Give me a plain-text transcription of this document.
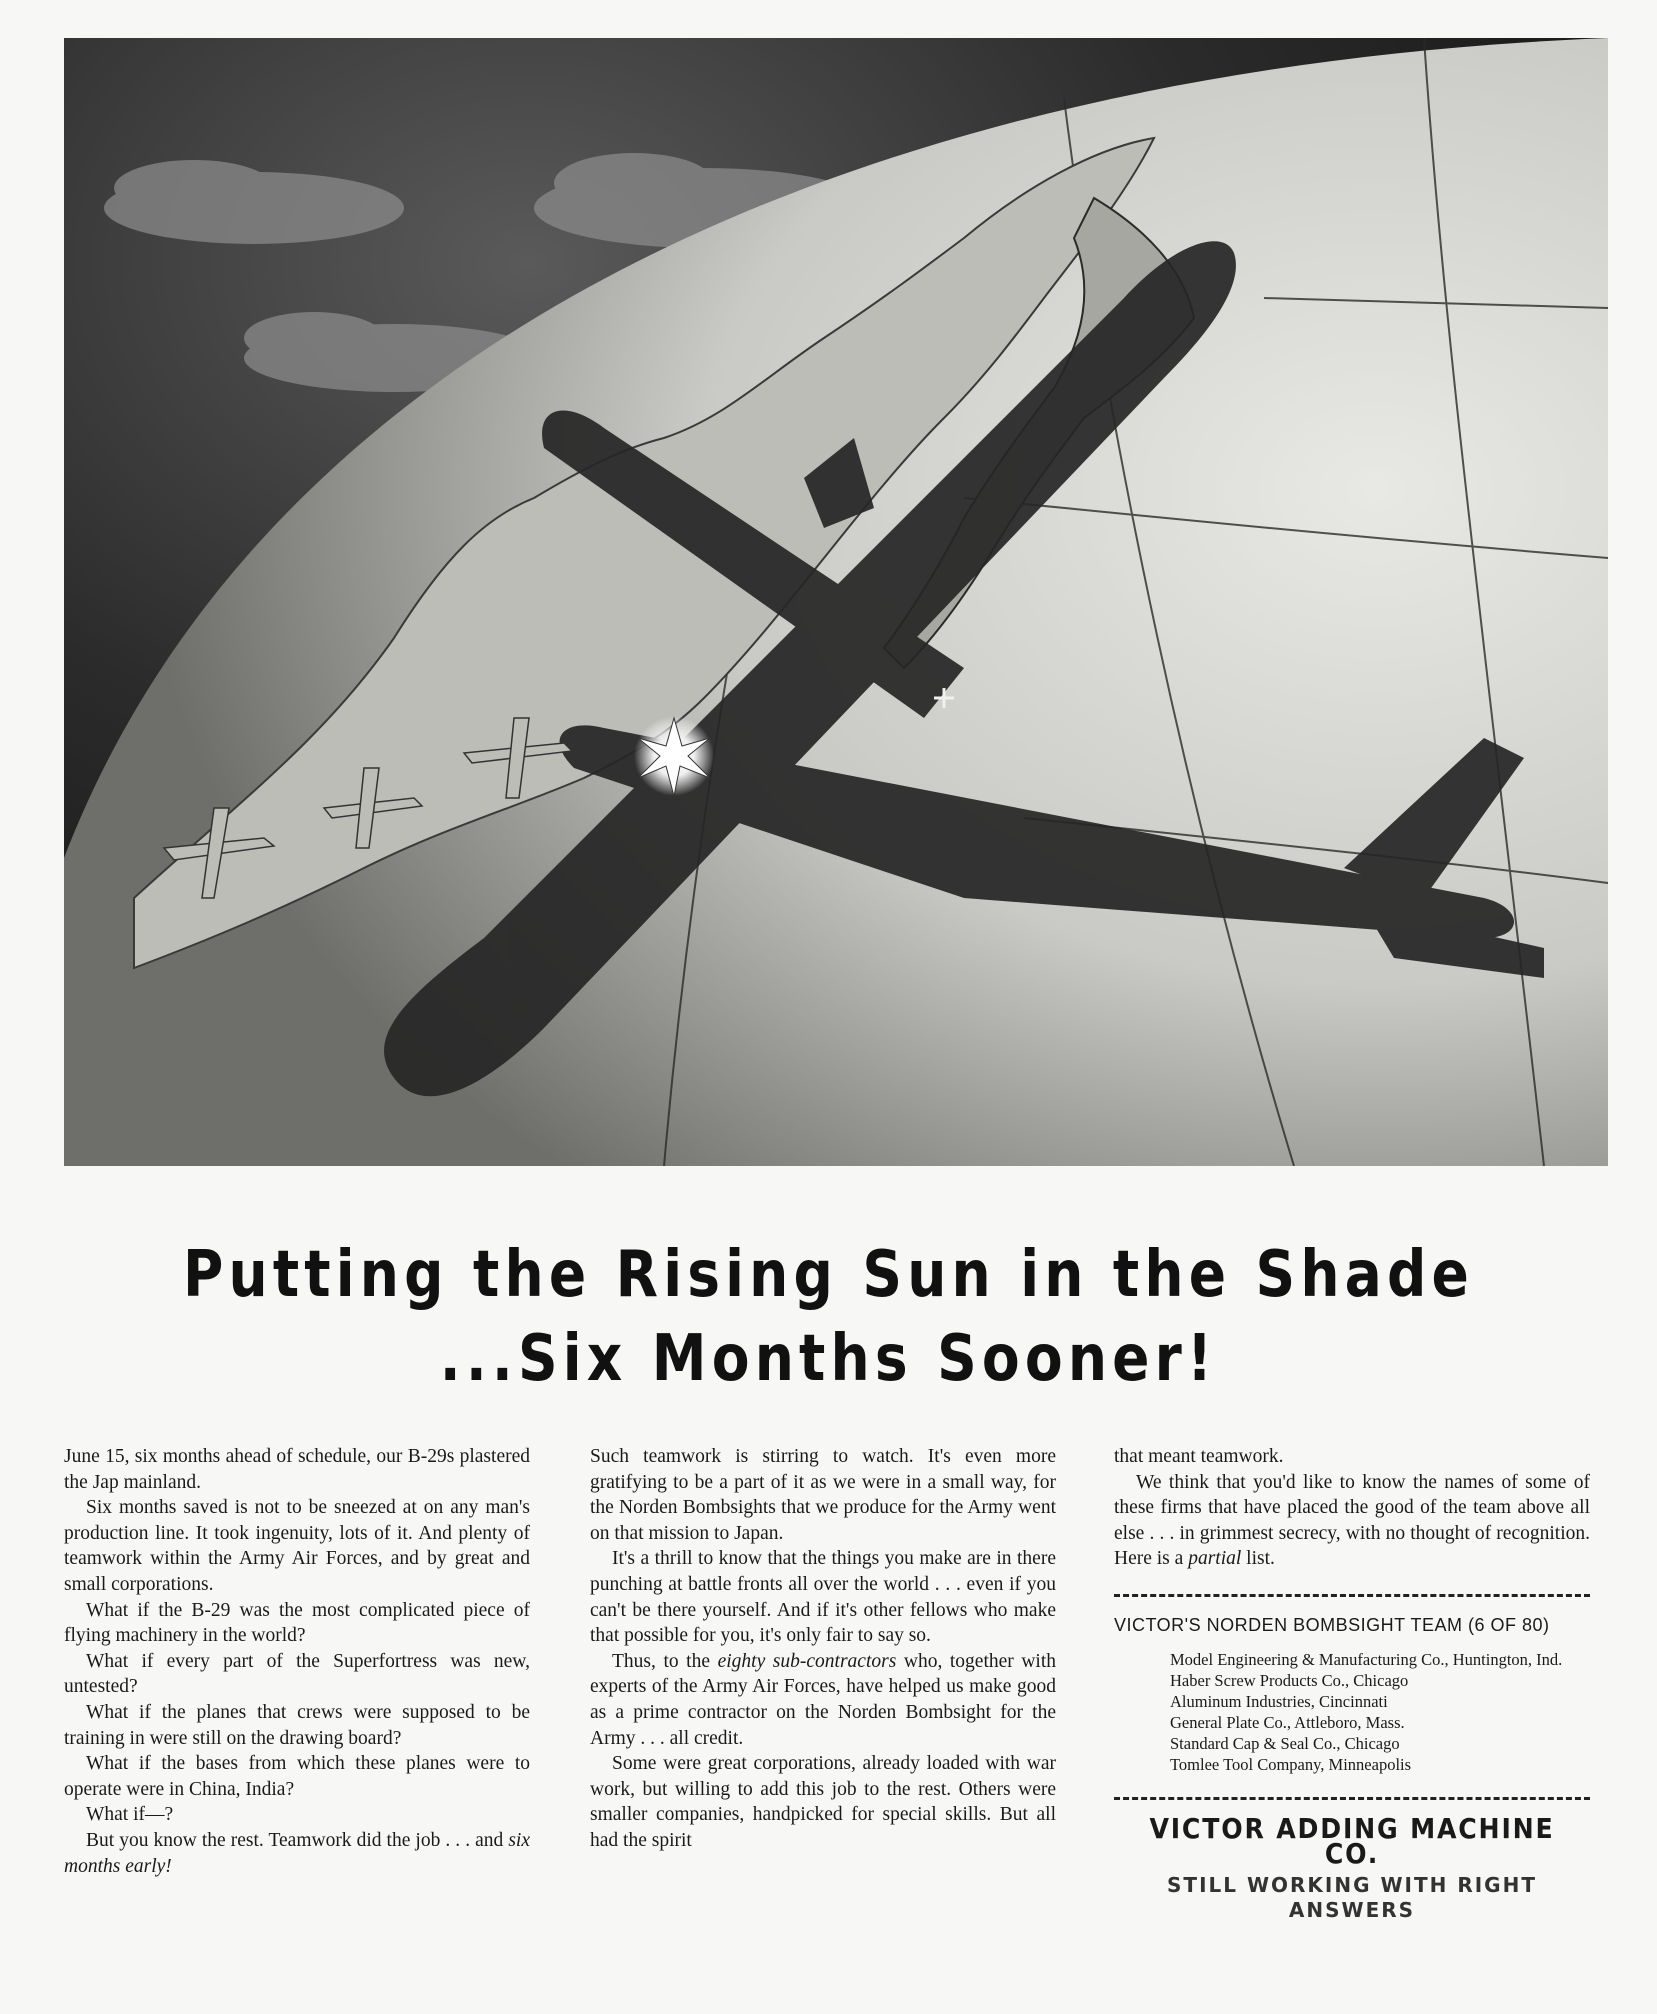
Putting the Rising Sun in the Shade
...Six Months Sooner!

June 15, six months ahead of schedule, our B-29s plastered the Jap mainland.

Six months saved is not to be sneezed at on any man's production line. It took ingenuity, lots of it. And plenty of teamwork within the Army Air Forces, and by great and small corporations.

What if the B-29 was the most complicated piece of flying machinery in the world?

What if every part of the Superfortress was new, untested?

What if the planes that crews were supposed to be training in were still on the drawing board?

What if the bases from which these planes were to operate were in China, India?

What if—?

But you know the rest. Teamwork did the job . . . and six months early!

Such teamwork is stirring to watch. It's even more gratifying to be a part of it as we were in a small way, for the Norden Bombsights that we produce for the Army went on that mission to Japan.

It's a thrill to know that the things you make are in there punching at battle fronts all over the world . . . even if you can't be there yourself. And if it's other fellows who make that possible for you, it's only fair to say so.

Thus, to the eighty sub-contractors who, together with experts of the Army Air Forces, have helped us make good as a prime contractor on the Norden Bombsight for the Army . . . all credit.

Some were great corporations, already loaded with war work, but willing to add this job to the rest. Others were smaller companies, handpicked for special skills. But all had the spirit

that meant teamwork.

We think that you'd like to know the names of some of these firms that have placed the good of the team above all else . . . in grimmest secrecy, with no thought of recognition. Here is a partial list.

VICTOR'S NORDEN BOMBSIGHT TEAM (6 OF 80)
Model Engineering & Manufacturing Co., Huntington, Ind.
Haber Screw Products Co., Chicago
Aluminum Industries, Cincinnati
General Plate Co., Attleboro, Mass.
Standard Cap & Seal Co., Chicago
Tomlee Tool Company, Minneapolis
VICTOR ADDING MACHINE CO.
STILL WORKING WITH RIGHT ANSWERS
